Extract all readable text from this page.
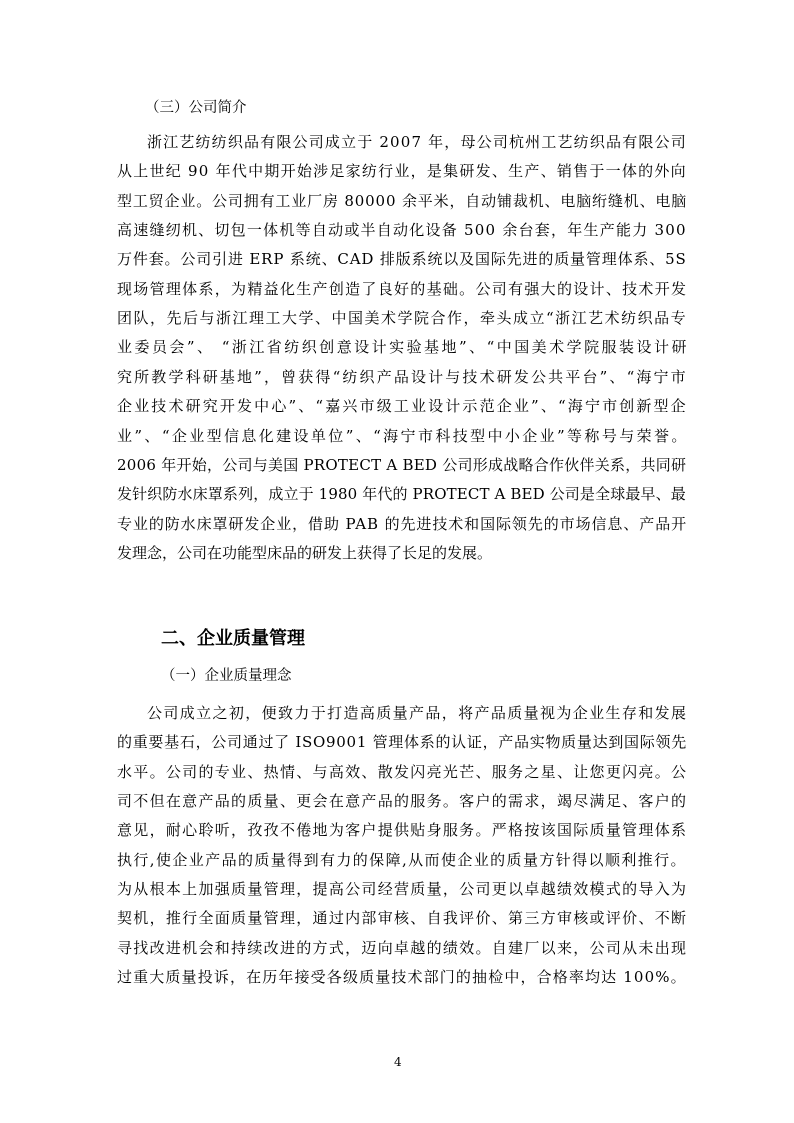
（三）公司简介
浙江艺纺纺织品有限公司成立于 2007 年，母公司杭州工艺纺织品有限公司
从上世纪 90 年代中期开始涉足家纺行业，是集研发、生产、销售于一体的外向
型工贸企业。公司拥有工业厂房 80000 余平米，自动铺裁机、电脑绗缝机、电脑
高速缝纫机、切包一体机等自动或半自动化设备 500 余台套，年生产能力 300
万件套。公司引进 ERP 系统、CAD 排版系统以及国际先进的质量管理体系、5S
现场管理体系，为精益化生产创造了良好的基础。公司有强大的设计、技术开发
团队，先后与浙江理工大学、中国美术学院合作，牵头成立“浙江艺术纺织品专
业委员会”、 “浙江省纺织创意设计实验基地”、“中国美术学院服装设计研
究所教学科研基地”，曾获得“纺织产品设计与技术研发公共平台”、“海宁市
企业技术研究开发中心”、“嘉兴市级工业设计示范企业”、“海宁市创新型企
业”、“企业型信息化建设单位”、“海宁市科技型中小企业”等称号与荣誉。
2006 年开始，公司与美国 PROTECT A BED 公司形成战略合作伙伴关系，共同研
发针织防水床罩系列，成立于 1980 年代的 PROTECT A BED 公司是全球最早、最
专业的防水床罩研发企业，借助 PAB 的先进技术和国际领先的市场信息、产品开
发理念，公司在功能型床品的研发上获得了长足的发展。
二、企业质量管理
（一）企业质量理念
公司成立之初，便致力于打造高质量产品，将产品质量视为企业生存和发展
的重要基石，公司通过了 ISO9001 管理体系的认证，产品实物质量达到国际领先
水平。公司的专业、热情、与高效、散发闪亮光芒、服务之星、让您更闪亮。公
司不但在意产品的质量、更会在意产品的服务。客户的需求，竭尽满足、客户的
意见，耐心聆听，孜孜不倦地为客户提供贴身服务。严格按该国际质量管理体系
执行,使企业产品的质量得到有力的保障,从而使企业的质量方针得以顺利推行。
为从根本上加强质量管理，提高公司经营质量，公司更以卓越绩效模式的导入为
契机，推行全面质量管理，通过内部审核、自我评价、第三方审核或评价、不断
寻找改进机会和持续改进的方式，迈向卓越的绩效。自建厂以来，公司从未出现
过重大质量投诉，在历年接受各级质量技术部门的抽检中，合格率均达 100%。
4
